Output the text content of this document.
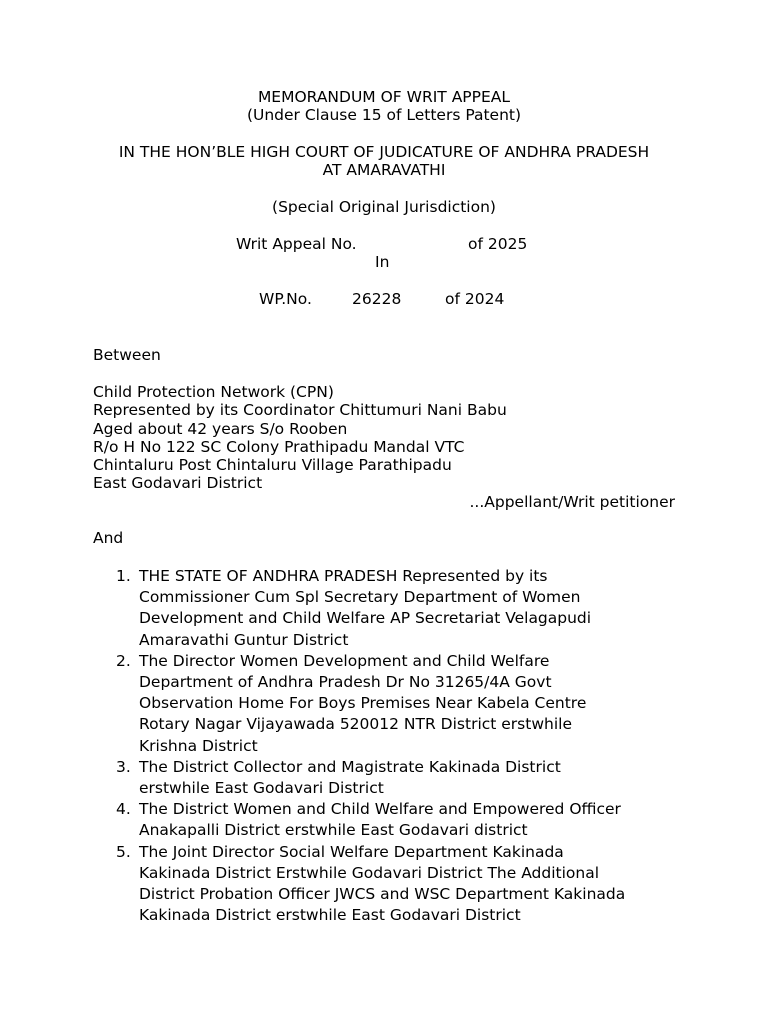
MEMORANDUM OF WRIT APPEAL
(Under Clause 15 of Letters Patent)
IN THE HON’BLE HIGH COURT OF JUDICATURE OF ANDHRA PRADESH
AT AMARAVATHI
(Special Original Jurisdiction)
Writ Appeal No.	of 2025
In
WP.No.	26228	of 2024
Between
Child Protection Network (CPN)
Represented by its Coordinator Chittumuri Nani Babu
Aged about 42 years S/o Rooben
R/o H No 122 SC Colony Prathipadu Mandal VTC
Chintaluru Post Chintaluru Village Parathipadu
East Godavari District
...Appellant/Writ petitioner
And
1. THE STATE OF ANDHRA PRADESH Represented by its
Commissioner Cum Spl Secretary Department of Women
Development and Child Welfare AP Secretariat Velagapudi
Amaravathi Guntur District
2. The Director Women Development and Child Welfare
Department of Andhra Pradesh Dr No 31265/4A Govt
Observation Home For Boys Premises Near Kabela Centre
Rotary Nagar Vijayawada 520012 NTR District erstwhile
Krishna District
3. The District Collector and Magistrate Kakinada District
erstwhile East Godavari District
4. The District Women and Child Welfare and Empowered Officer
Anakapalli District erstwhile East Godavari district
5. The Joint Director Social Welfare Department Kakinada
Kakinada District Erstwhile Godavari District The Additional
District Probation Officer JWCS and WSC Department Kakinada
Kakinada District erstwhile East Godavari District
